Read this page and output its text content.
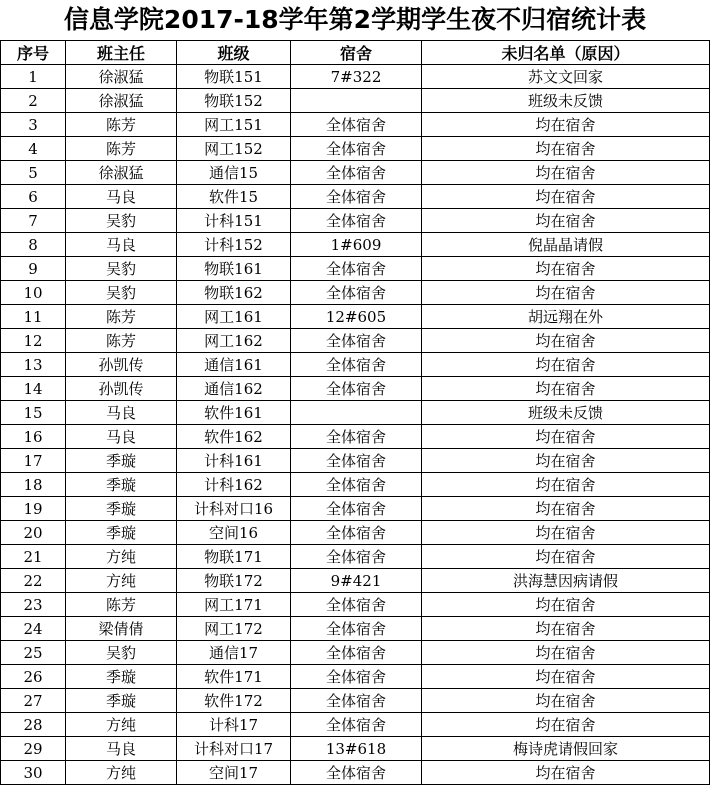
信息学院2017-18学年第2学期学生夜不归宿统计表
序号	班主任	班级	宿舍	未归名单（原因）
1	徐淑猛	物联151	7#322	苏文文回家
2	徐淑猛	物联152		班级未反馈
3	陈芳	网工151	全体宿舍	均在宿舍
4	陈芳	网工152	全体宿舍	均在宿舍
5	徐淑猛	通信15	全体宿舍	均在宿舍
6	马良	软件15	全体宿舍	均在宿舍
7	吴豹	计科151	全体宿舍	均在宿舍
8	马良	计科152	1#609	倪晶晶请假
9	吴豹	物联161	全体宿舍	均在宿舍
10	吴豹	物联162	全体宿舍	均在宿舍
11	陈芳	网工161	12#605	胡远翔在外
12	陈芳	网工162	全体宿舍	均在宿舍
13	孙凯传	通信161	全体宿舍	均在宿舍
14	孙凯传	通信162	全体宿舍	均在宿舍
15	马良	软件161		班级未反馈
16	马良	软件162	全体宿舍	均在宿舍
17	季璇	计科161	全体宿舍	均在宿舍
18	季璇	计科162	全体宿舍	均在宿舍
19	季璇	计科对口16	全体宿舍	均在宿舍
20	季璇	空间16	全体宿舍	均在宿舍
21	方纯	物联171	全体宿舍	均在宿舍
22	方纯	物联172	9#421	洪海慧因病请假
23	陈芳	网工171	全体宿舍	均在宿舍
24	梁倩倩	网工172	全体宿舍	均在宿舍
25	吴豹	通信17	全体宿舍	均在宿舍
26	季璇	软件171	全体宿舍	均在宿舍
27	季璇	软件172	全体宿舍	均在宿舍
28	方纯	计科17	全体宿舍	均在宿舍
29	马良	计科对口17	13#618	梅诗虎请假回家
30	方纯	空间17	全体宿舍	均在宿舍
